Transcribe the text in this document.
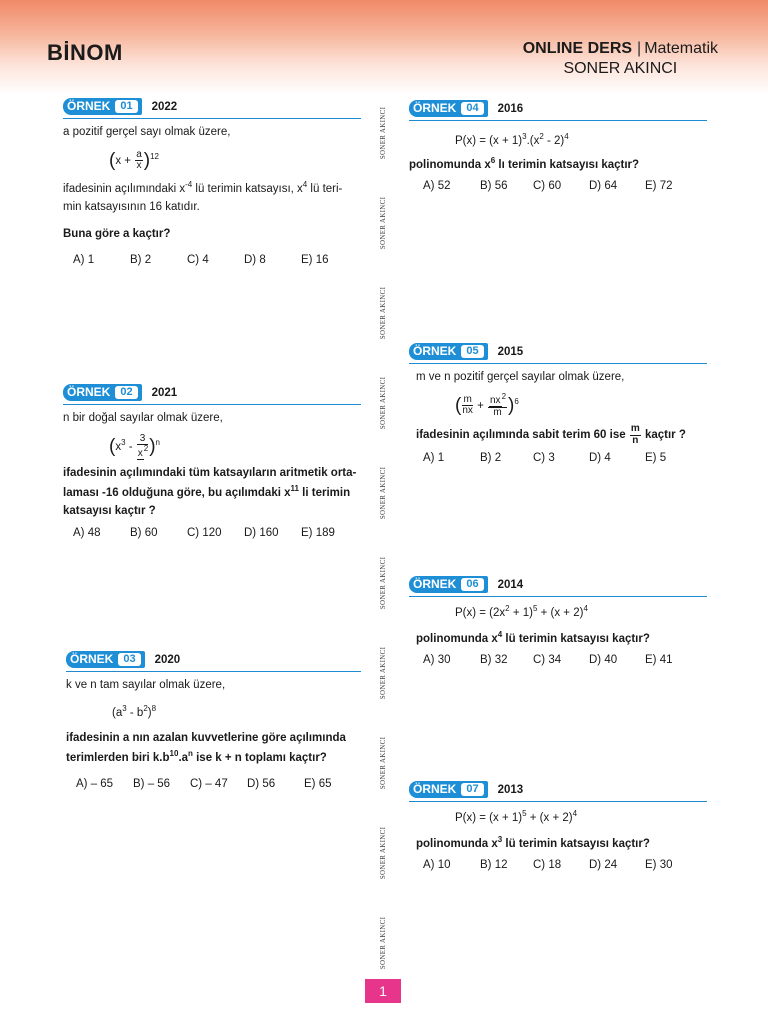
BİNOM	ONLINE DERS | Matematik
SONER AKINCI
ÖRNEK 01	2022
a pozitif gerçel sayı olmak üzere,
$(x + \frac{a}{x} )^{12}$
ifadesinin açılımındaki $x^{-4}$ lü terimin katsayısı, $x^4$ lü teri-
min katsayısının 16 katıdır.
Buna göre a kaçtır?
A) 1	B) 2	C) 4	D) 8	E) 16
ÖRNEK 02	2021
n bir doğal sayılar olmak üzere,
$(x^3 - \frac{3}{x^2} )^n$
ifadesinin açılımındaki tüm katsayıların aritmetik orta-
laması -16 olduğuna göre, bu açılımdaki $x^{11}$ li terimin
katsayısı kaçtır ?
A) 48	B) 60	C) 120	D) 160	E) 189
ÖRNEK 03	2020
k ve n tam sayılar olmak üzere,
$(a^3 - b^2)^8$
ifadesinin a nın azalan kuvvetlerine göre açılımında
terimlerden biri $k.b^{10}.a^n$ ise k + n toplamı kaçtır?
A) – 65	B) – 56	C) – 47	D) 56	E) 65
ÖRNEK 04	2016
$P(x) = (x + 1)^3.(x^2 - 2)^4$
polinomunda $x^6$ lı terimin katsayısı kaçtır?
A) 52	B) 56	C) 60	D) 64	E) 72
ÖRNEK 05	2015
m ve n pozitif gerçel sayılar olmak üzere,
( $\frac{m}{nx} + \frac{nx^2}{m} )^6$
ifadesinin açılımında sabit terim 60 ise $\frac{m}{n}$ kaçtır ?
A) 1	B) 2	C) 3	D) 4	E) 5
ÖRNEK 06	2014
$P(x) = (2x^2 + 1)^5 + (x + 2)^4$
polinomunda $x^4$ lü terimin katsayısı kaçtır?
A) 30	B) 32	C) 34	D) 40	E) 41
ÖRNEK 07	2013
$P(x) = (x + 1)^5 + (x + 2)^4$
polinomunda $x^3$ lü terimin katsayısı kaçtır?
A) 10	B) 12	C) 18	D) 24	E) 30
SONER AKINCI
SONER AKINCI
SONER AKINCI
SONER AKINCI
SONER AKINCI
SONER AKINCI
SONER AKINCI
SONER AKINCI
SONER AKINCI
SONER AKINCI
1
